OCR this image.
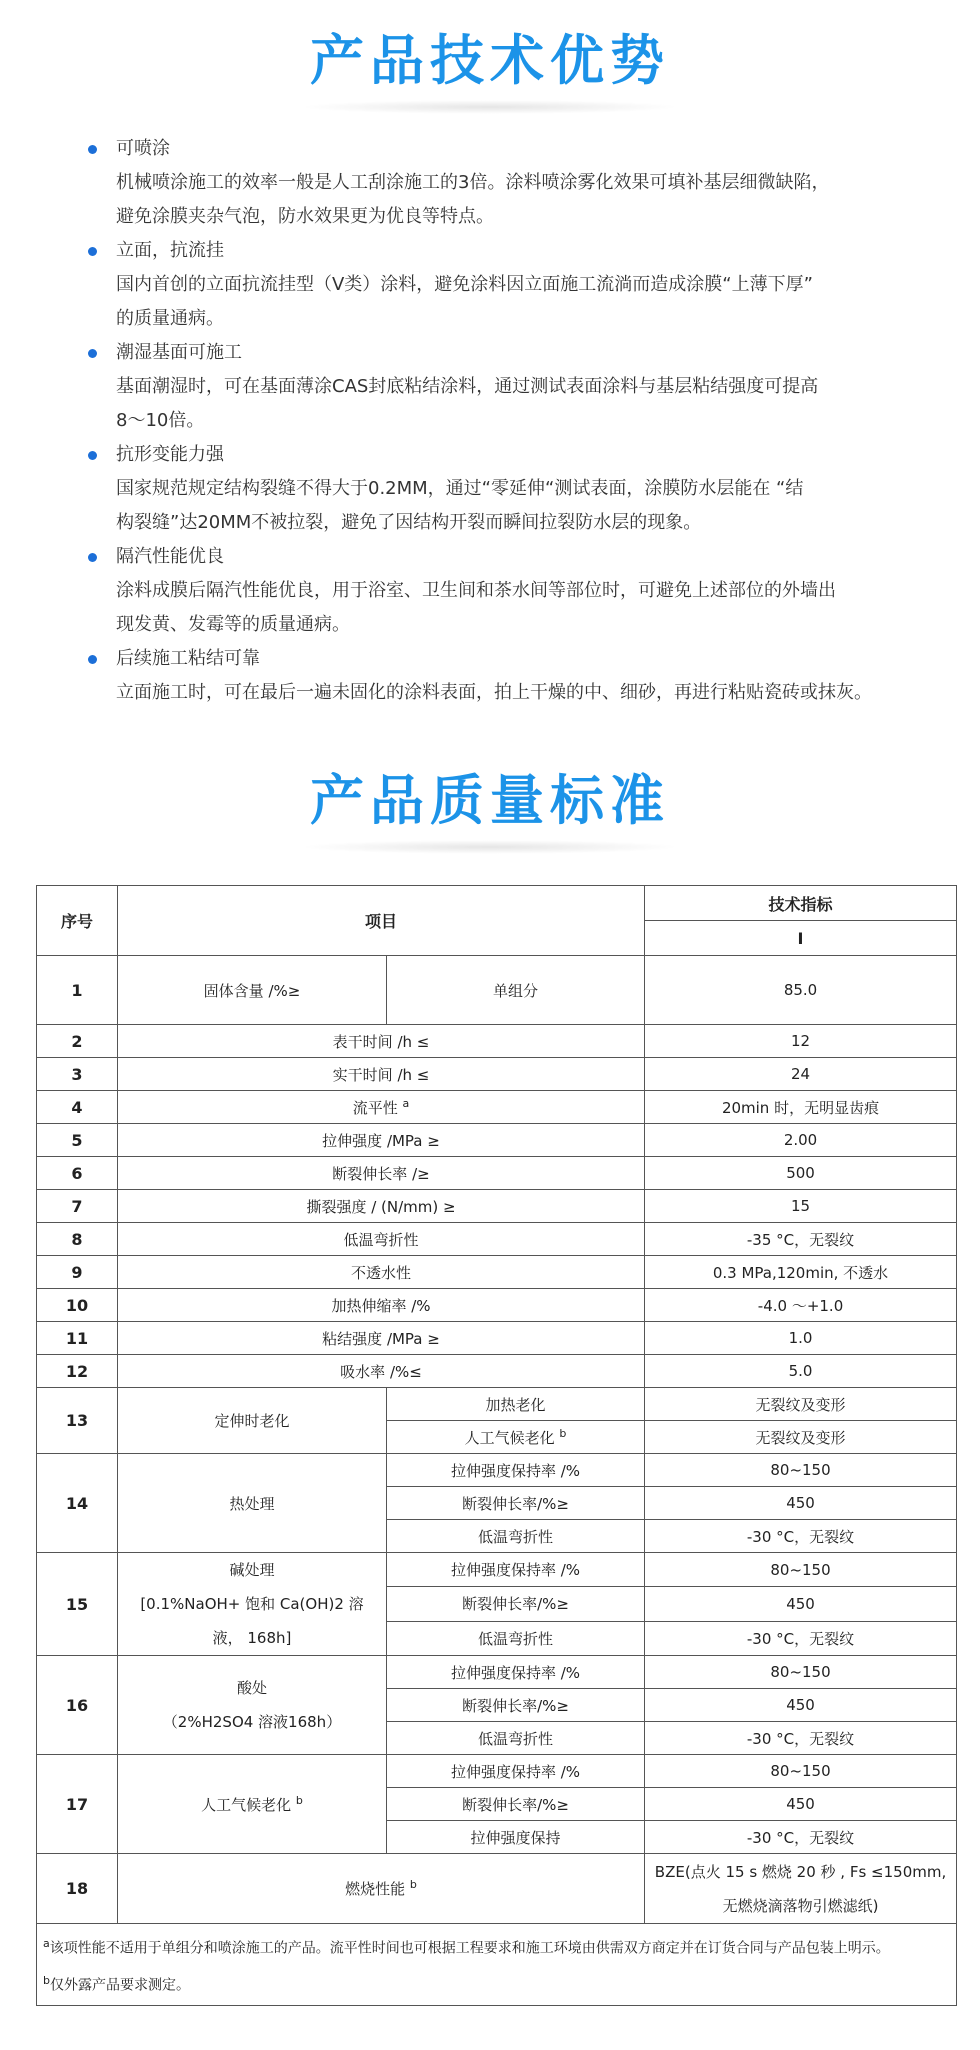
产品技术优势
可喷涂
机械喷涂施工的效率一般是人工刮涂施工的3倍。涂料喷涂雾化效果可填补基层细微缺陷，
避免涂膜夹杂气泡，防水效果更为优良等特点。
立面，抗流挂
国内首创的立面抗流挂型（V类）涂料，避免涂料因立面施工流淌而造成涂膜“上薄下厚”
的质量通病。
潮湿基面可施工
基面潮湿时，可在基面薄涂CAS封底粘结涂料，通过测试表面涂料与基层粘结强度可提高
8～10倍。
抗形变能力强
国家规范规定结构裂缝不得大于0.2MM，通过“零延伸“测试表面，涂膜防水层能在 “结
构裂缝”达20MM不被拉裂，避免了因结构开裂而瞬间拉裂防水层的现象。
隔汽性能优良
涂料成膜后隔汽性能优良，用于浴室、卫生间和茶水间等部位时，可避免上述部位的外墙出
现发黄、发霉等的质量通病。
后续施工粘结可靠
立面施工时，可在最后一遍未固化的涂料表面，拍上干燥的中、细砂，再进行粘贴瓷砖或抹灰。
产品质量标准
序号	项目		技术指标
			I
1	固体含量 /%≥	单组分	85.0
2	表干时间 /h ≤		12
3	实干时间 /h ≤		24
4	流平性 $^a$		20min 时，无明显齿痕
5	拉伸强度 /MPa ≥		2.00
6	断裂伸长率 /≥		500
7	撕裂强度 / (N/mm) ≥		15
8	低温弯折性		-35 °C，无裂纹
9	不透水性		0.3 MPa,120min, 不透水
10	加热伸缩率 /%		-4.0 ～+1.0
11	粘结强度 /MPa ≥		1.0
12	吸水率 /%≤		5.0
13	定伸时老化	加热老化	无裂纹及变形
		人工气候老化 $^b$	无裂纹及变形
14	热处理	拉伸强度保持率 /%	80~150
		断裂伸长率/%≥	450
		低温弯折性	-30 °C，无裂纹
15	碱处理
[0.1%NaOH+ 饱和 Ca(OH)2 溶
液， 168h]	拉伸强度保持率 /%	80~150
		断裂伸长率/%≥	450
		低温弯折性	-30 °C，无裂纹
16	酸处
（2%H2SO4 溶液168h）	拉伸强度保持率 /%	80~150
		断裂伸长率/%≥	450
		低温弯折性	-30 °C，无裂纹
17	人工气候老化 $^b$	拉伸强度保持率 /%	80~150
		断裂伸长率/%≥	450
		拉伸强度保持	-30 °C，无裂纹
18	燃烧性能 $^b$		BZE(点火 15 s 燃烧 20 秒 , Fs ≤150mm,
无燃烧滴落物引燃滤纸)

$^a$该项性能不适用于单组分和喷涂施工的产品。流平性时间也可根据工程要求和施工环境由供需双方商定并在订货合同与产品包装上明示。
$^b$仅外露产品要求测定。			
